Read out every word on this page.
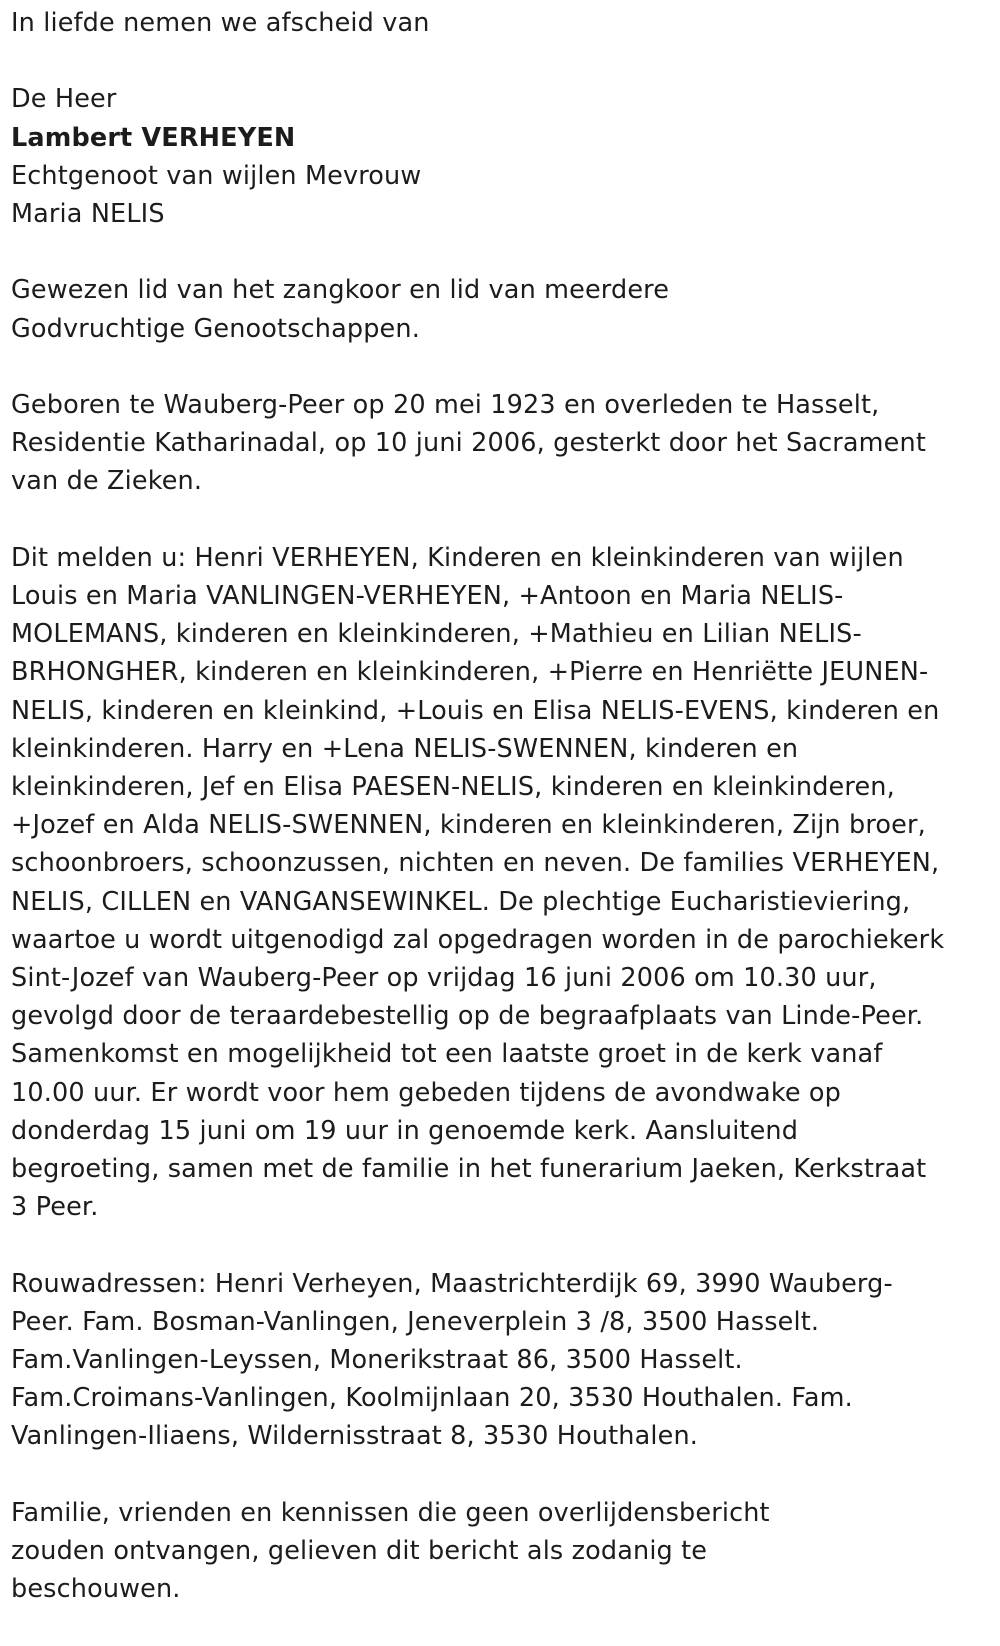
In liefde nemen we afscheid van

De Heer

Lambert VERHEYEN

Echtgenoot van wijlen Mevrouw

Maria NELIS

Gewezen lid van het zangkoor en lid van meerdere Godvruchtige Genootschappen.

Geboren te Wauberg-Peer op 20 mei 1923 en overleden te Hasselt, Residentie Katharinadal, op 10 juni 2006, gesterkt door het Sacrament van de Zieken.

Dit melden u: Henri VERHEYEN, Kinderen en kleinkinderen van wijlen Louis en Maria VANLINGEN-VERHEYEN, +Antoon en Maria NELIS-MOLEMANS, kinderen en kleinkinderen, +Mathieu en Lilian NELIS-BRHONGHER, kinderen en kleinkinderen, +Pierre en Henriëtte JEUNEN-NELIS, kinderen en kleinkind, +Louis en Elisa NELIS-EVENS, kinderen en kleinkinderen. Harry en +Lena NELIS-SWENNEN, kinderen en kleinkinderen, Jef en Elisa PAESEN-NELIS, kinderen en kleinkinderen, +Jozef en Alda NELIS-SWENNEN, kinderen en kleinkinderen, Zijn broer, schoonbroers, schoonzussen, nichten en neven. De families VERHEYEN, NELIS, CILLEN en VANGANSEWINKEL. De plechtige Eucharistieviering, waartoe u wordt uitgenodigd zal opgedragen worden in de parochiekerk Sint-Jozef van Wauberg-Peer op vrijdag 16 juni 2006 om 10.30 uur, gevolgd door de teraardebestellig op de begraafplaats van Linde-Peer. Samenkomst en mogelijkheid tot een laatste groet in de kerk vanaf 10.00 uur. Er wordt voor hem gebeden tijdens de avondwake op donderdag 15 juni om 19 uur in genoemde kerk. Aansluitend begroeting, samen met de familie in het funerarium Jaeken, Kerkstraat 3 Peer.

Rouwadressen: Henri Verheyen, Maastrichterdijk 69, 3990 Wauberg-Peer. Fam. Bosman-Vanlingen, Jeneverplein 3 /8, 3500 Hasselt. Fam.Vanlingen-Leyssen, Monerikstraat 86, 3500 Hasselt. Fam.Croimans-Vanlingen, Koolmijnlaan 20, 3530 Houthalen. Fam. Vanlingen-Iliaens, Wildernisstraat 8, 3530 Houthalen.

Familie, vrienden en kennissen die geen overlijdensbericht zouden ontvangen, gelieven dit bericht als zodanig te beschouwen.
